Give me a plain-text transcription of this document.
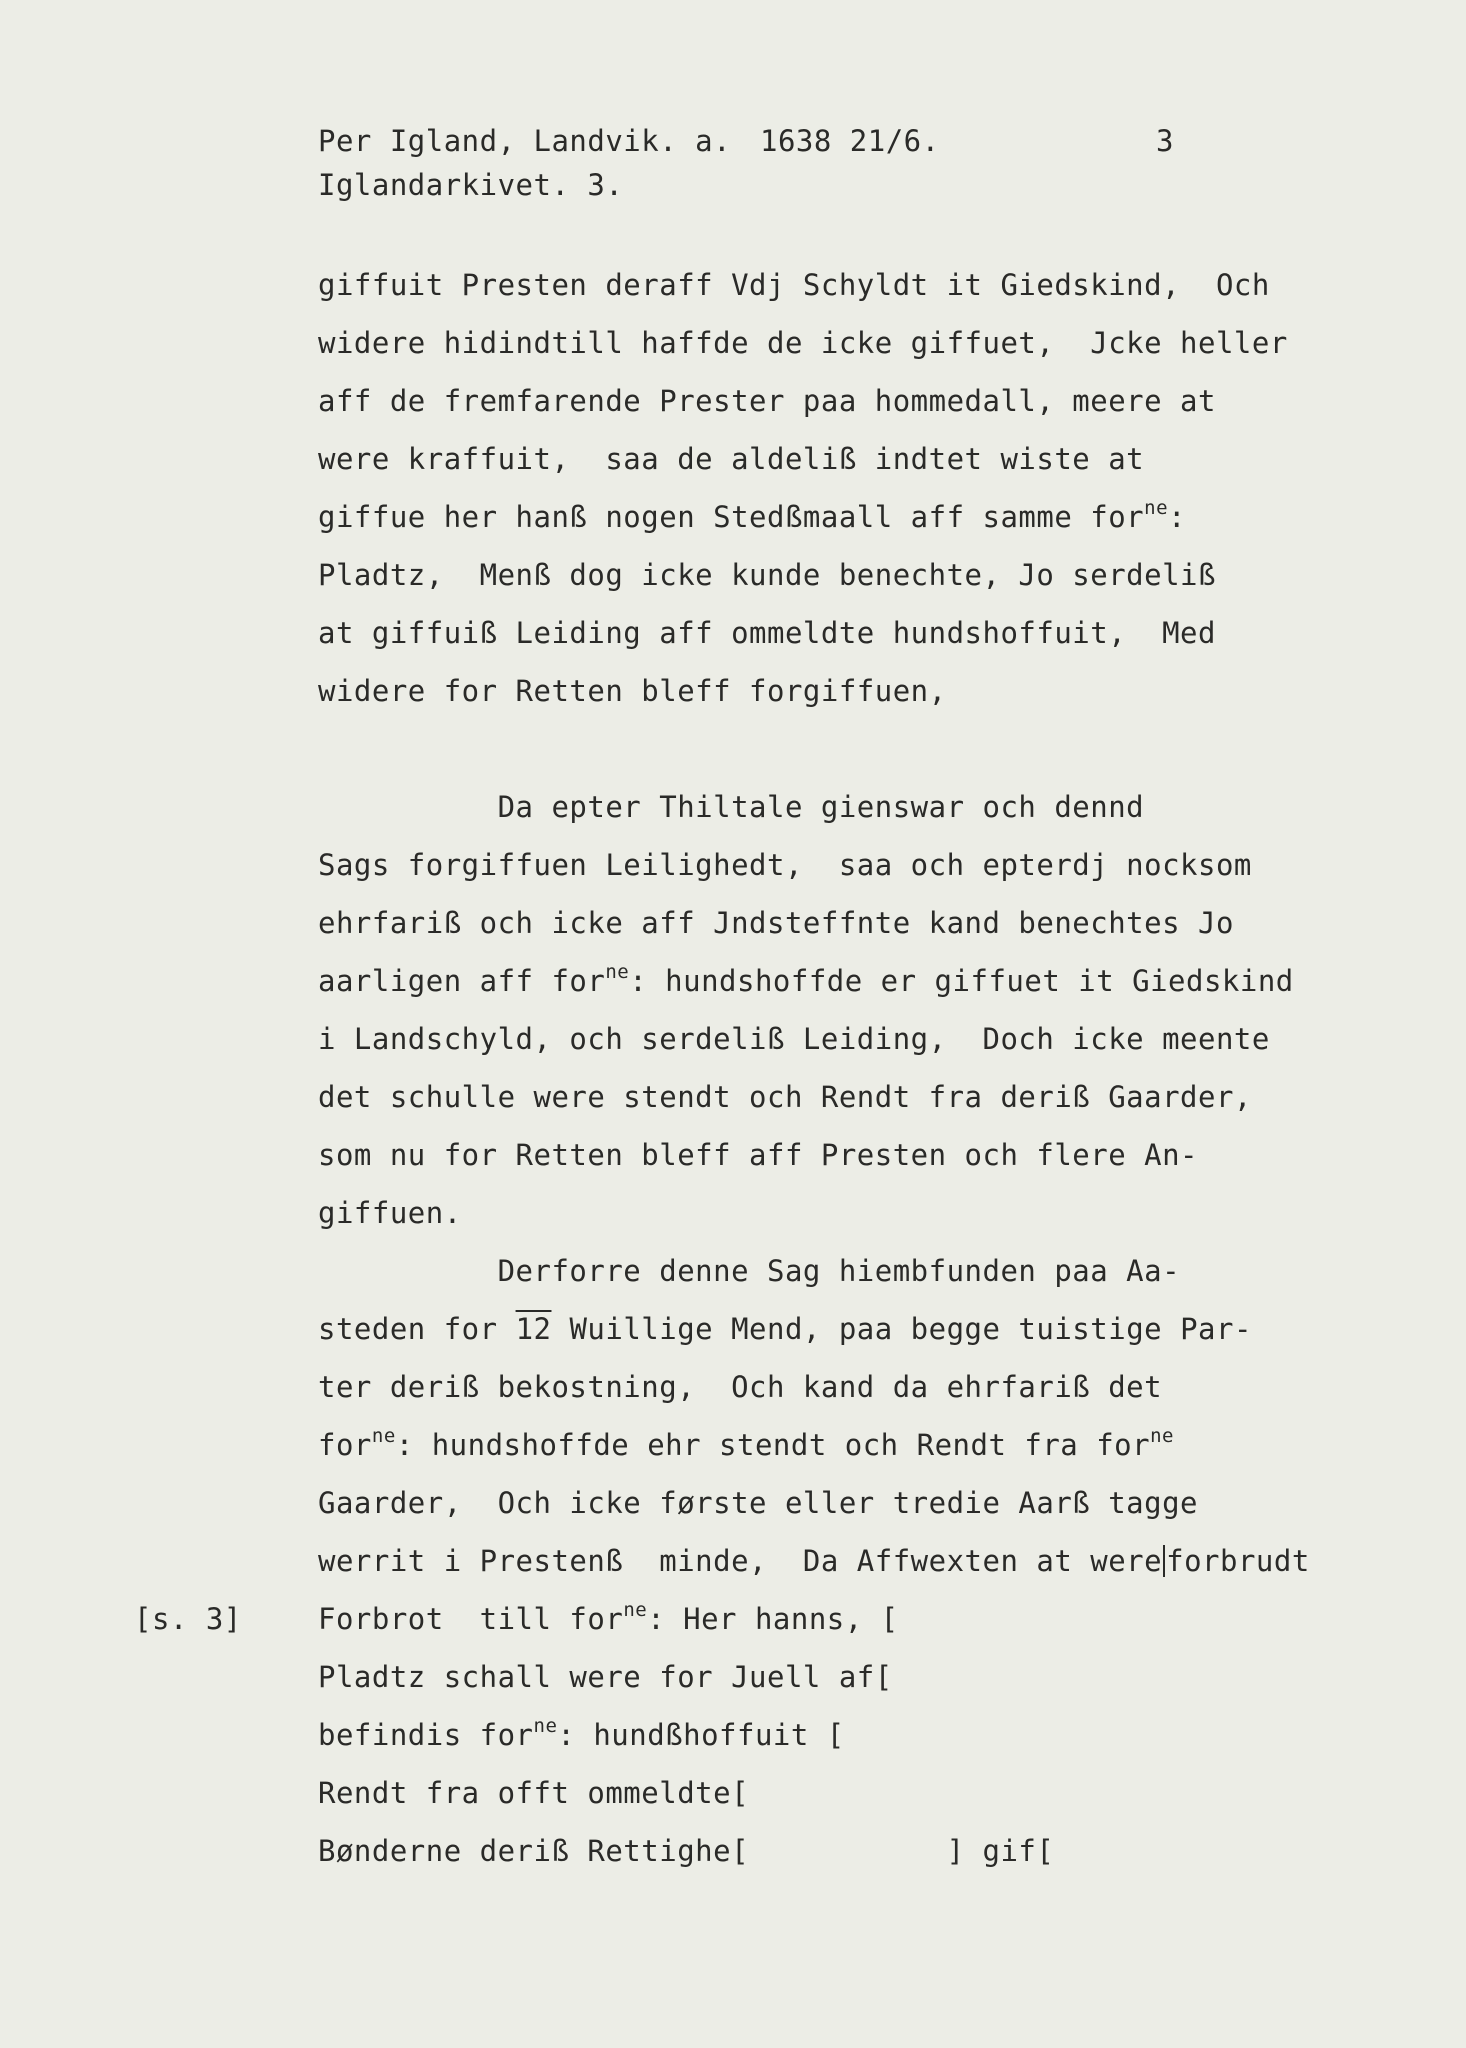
Per Igland, Landvik. a. 1638 21/6.	3
Iglandarkivet. 3.
giffuit Presten deraff Vdj Schyldt it Giedskind,  Och
widere hidindtill haffde de icke giffuet,  Jcke heller
aff de fremfarende Prester paa hommedall, meere at
were kraffuit,  saa de aldeliß indtet wiste at
giffue her hanß nogen Stedßmaall aff samme for$^{ne}$:
Pladtz,  Menß dog icke kunde benechte, Jo serdeliß
at giffuiß Leiding aff ommeldte hundshoffuit,  Med
widere for Retten bleff forgiffuen,
Da epter Thiltale gienswar och dennd
Sags forgiffuen Leilighedt,  saa och epterdj nocksom
ehrfariß och icke aff Jndsteffnte kand benechtes Jo
aarligen aff for$^{ne}$: hundshoffde er giffuet it Giedskind
i Landschyld, och serdeliß Leiding,  Doch icke meente
det schulle were stendt och Rendt fra deriß Gaarder,
som nu for Retten bleff aff Presten och flere An-
giffuen.
Derforre denne Sag hiembfunden paa Aa-
steden for 12 Wuillige Mend, paa begge tuistige Par-
ter deriß bekostning,  Och kand da ehrfariß det
for$^{ne}$: hundshoffde ehr stendt och Rendt fra for$^{ne}$
Gaarder,  Och icke første eller tredie Aarß tagge
werrit i Prestenß  minde,  Da Affwexten at were forbrudt
[s. 3]	Forbrot  till for$^{ne}$: Her hanns, [
Pladtz schall were for Juell af[
befindis for$^{ne}$: hundßhoffuit [
Rendt fra offt ommeldte[
Bønderne deriß Rettighe[           ] gif[
